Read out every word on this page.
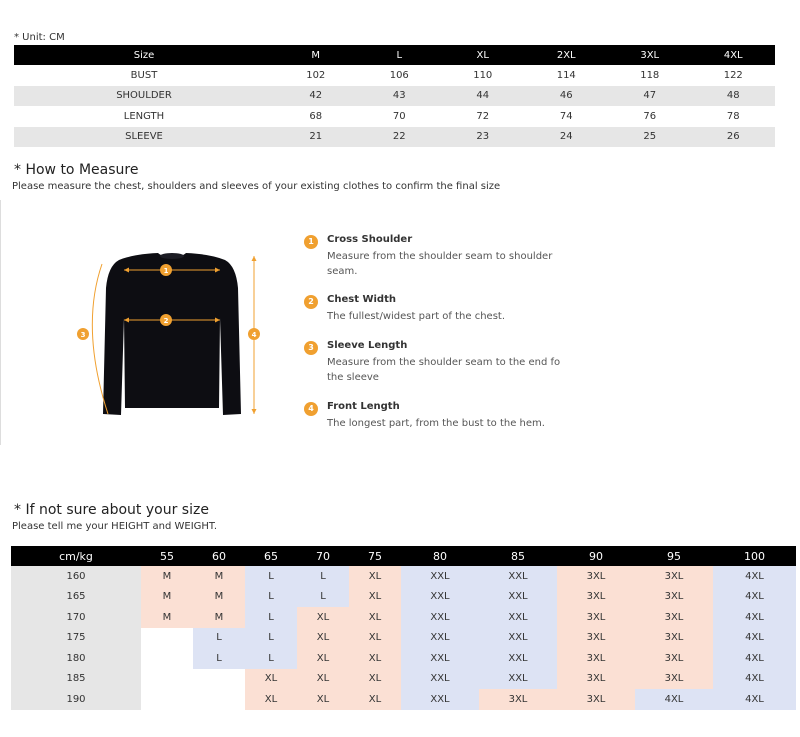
* Unit: CM
Size	M	L	XL	2XL	3XL	4XL
BUST	102	106	110	114	118	122
SHOULDER	42	43	44	46	47	48
LENGTH	68	70	72	74	76	78
SLEEVE	21	22	23	24	25	26
* How to Measure
Please measure the chest, shoulders and sleeves of your existing clothes to confirm the final size
1
2
3	4
1	Cross Shoulder
Measure from the shoulder seam to shoulder seam.
2	Chest Width
The fullest/widest part of the chest.
3	Sleeve Length
Measure from the shoulder seam to the end fo the sleeve
4	Front Length
The longest part, from the bust to the hem.
* If not sure about your size
Please tell me your HEIGHT and WEIGHT.
cm/kg	55	60	65	70	75	80	85	90	95	100
160	M	M	L	L	XL	XXL	XXL	3XL	3XL	4XL
165	M	M	L	L	XL	XXL	XXL	3XL	3XL	4XL
170	M	M	L	XL	XL	XXL	XXL	3XL	3XL	4XL
175		L	L	XL	XL	XXL	XXL	3XL	3XL	4XL
180		L	L	XL	XL	XXL	XXL	3XL	3XL	4XL
185			XL	XL	XL	XXL	XXL	3XL	3XL	4XL
190			XL	XL	XL	XXL	3XL	3XL	4XL	4XL
